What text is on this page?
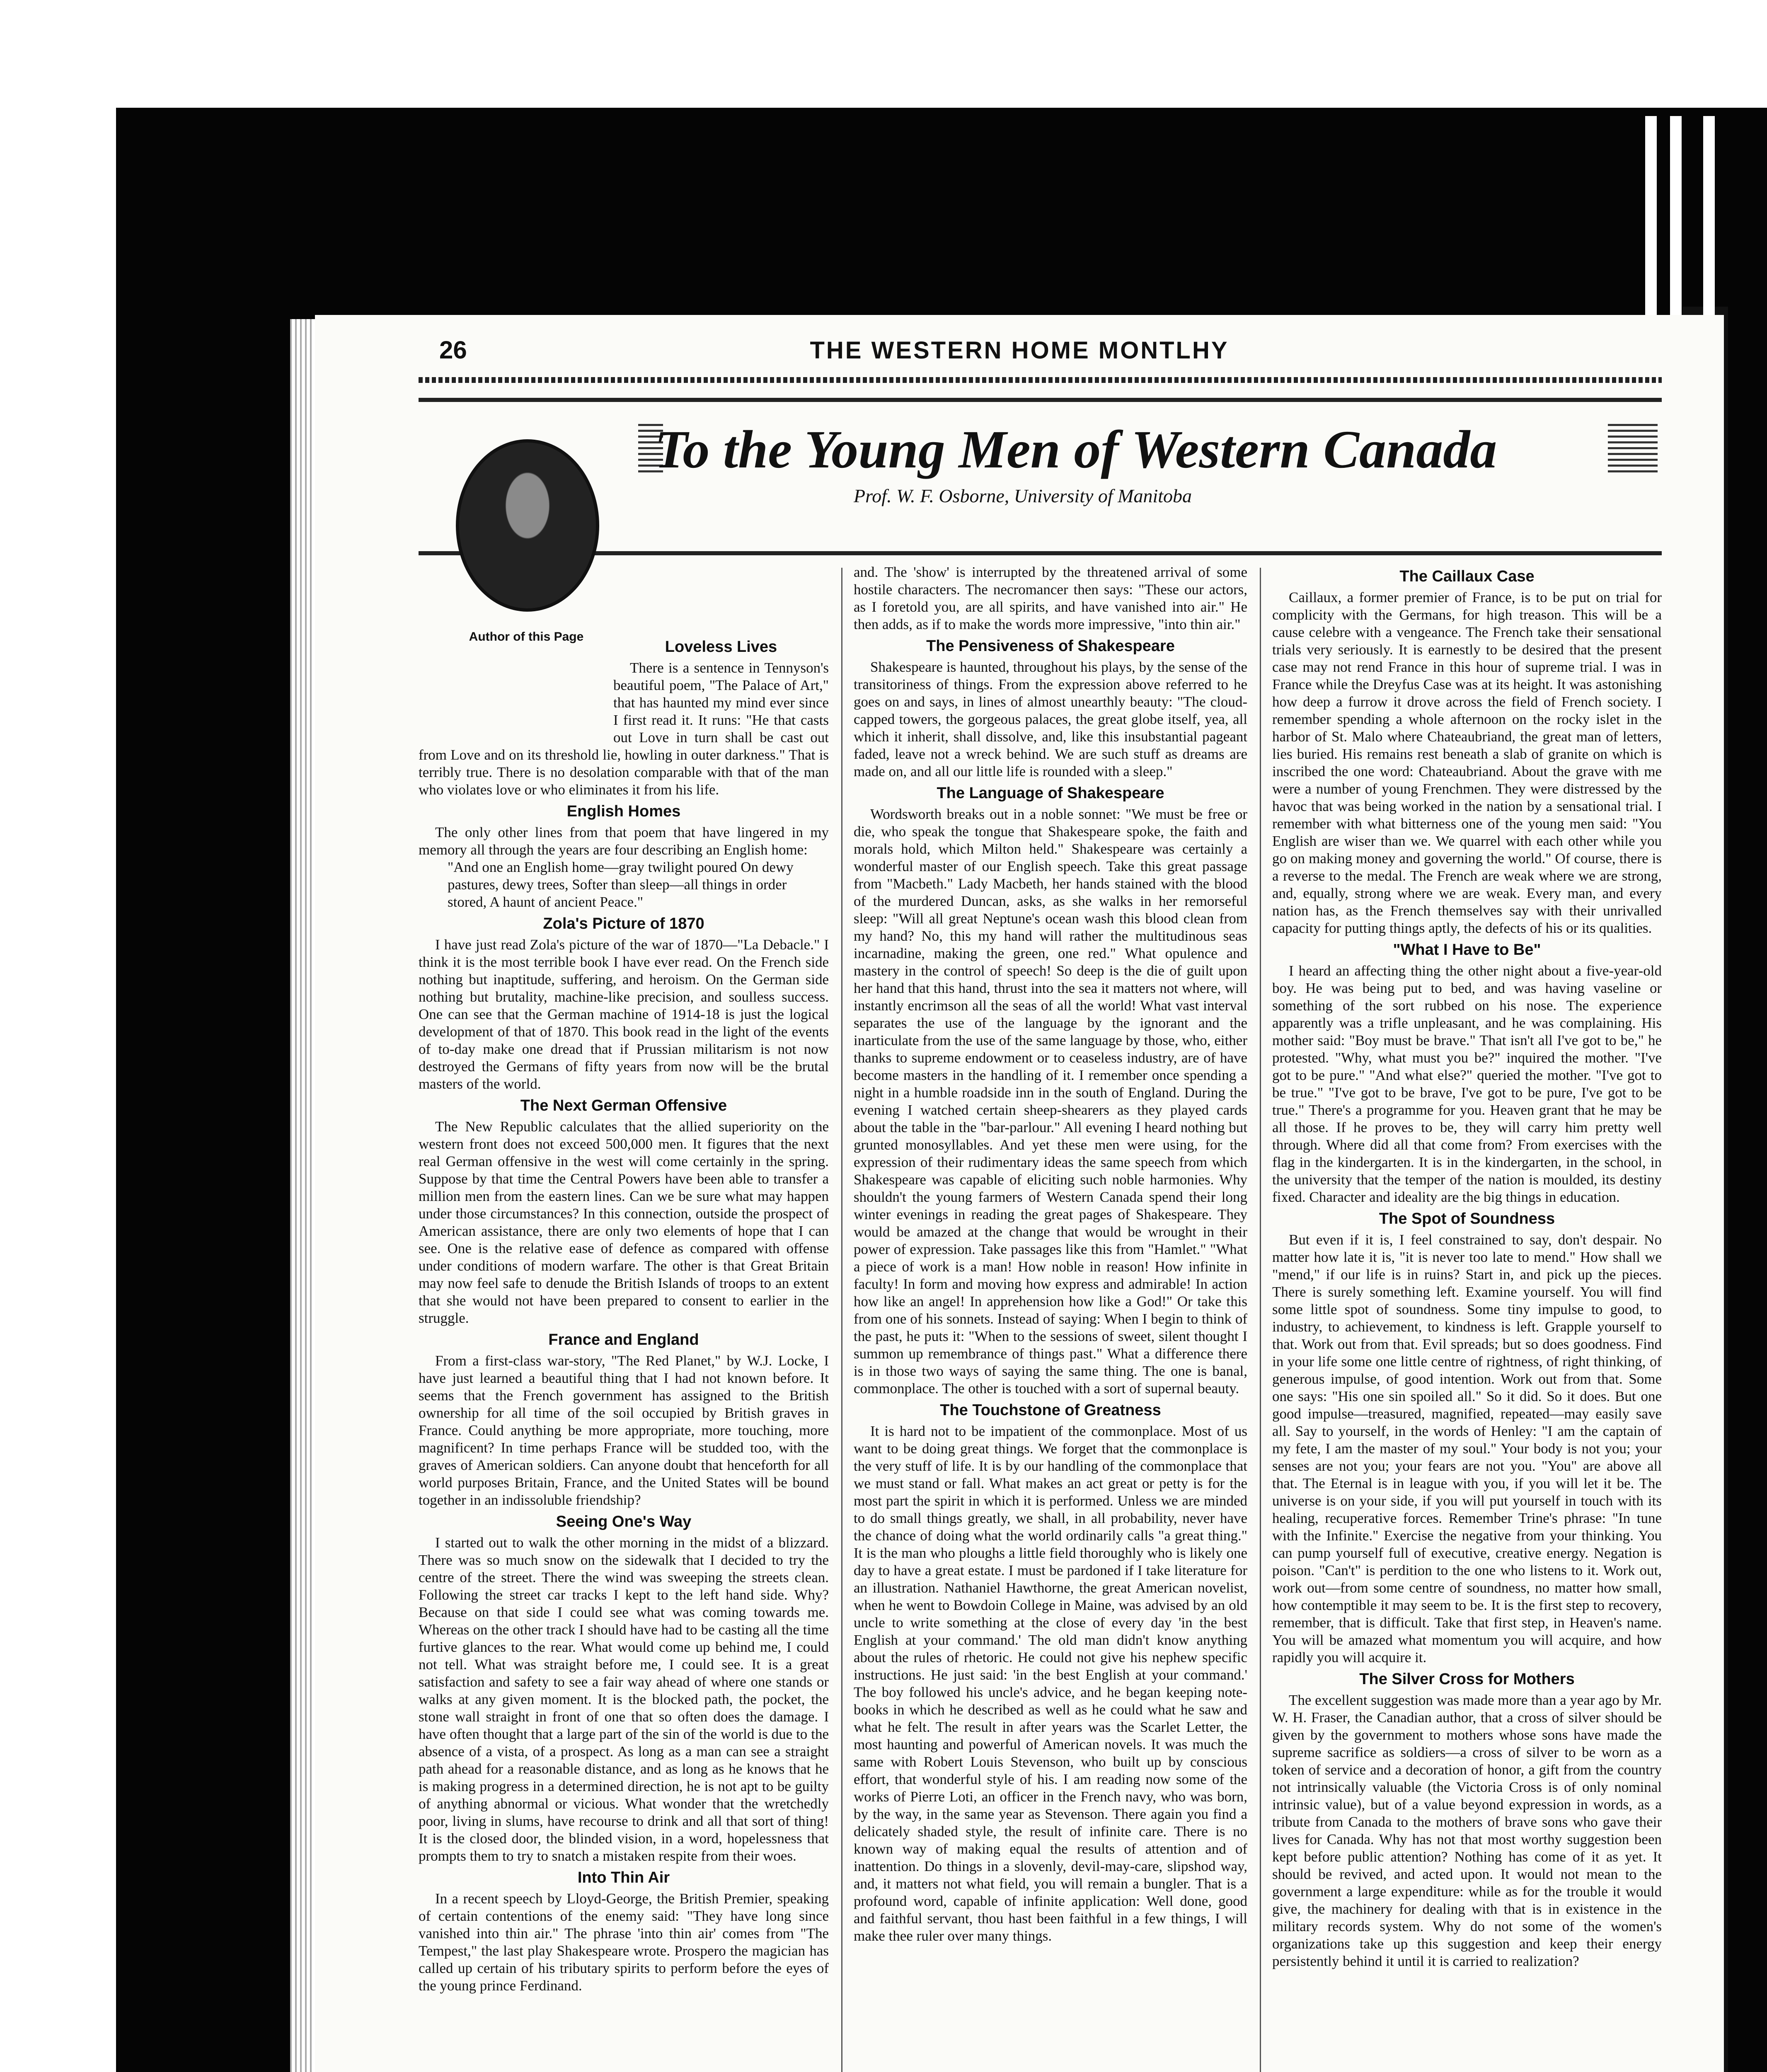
26	THE WESTERN HOME MONTLHY
To the Young Men of Western Canada
Prof. W. F. Osborne, University of Manitoba
Author of this Page
Loveless Lives

There is a sentence in Tennyson's beautiful poem, "The Palace of Art," that has haunted my mind ever since I first read it. It runs: "He that casts out Love in turn shall be cast out from Love and on its threshold lie, howling in outer darkness." That is terribly true. There is no desolation comparable with that of the man who violates love or who eliminates it from his life.

English Homes

The only other lines from that poem that have lingered in my memory all through the years are four describing an English home:

"And one an English home—gray twilight poured On dewy pastures, dewy trees, Softer than sleep—all things in order stored, A haunt of ancient Peace."

Zola's Picture of 1870

I have just read Zola's picture of the war of 1870—"La Debacle." I think it is the most terrible book I have ever read. On the French side nothing but inaptitude, suffering, and heroism. On the German side nothing but brutality, machine-like precision, and soulless success. One can see that the German machine of 1914-18 is just the logical development of that of 1870. This book read in the light of the events of to-day make one dread that if Prussian militarism is not now destroyed the Germans of fifty years from now will be the brutal masters of the world.

The Next German Offensive

The New Republic calculates that the allied superiority on the western front does not exceed 500,000 men. It figures that the next real German offensive in the west will come certainly in the spring. Suppose by that time the Central Powers have been able to transfer a million men from the eastern lines. Can we be sure what may happen under those circumstances? In this connection, outside the prospect of American assistance, there are only two elements of hope that I can see. One is the relative ease of defence as compared with offense under conditions of modern warfare. The other is that Great Britain may now feel safe to denude the British Islands of troops to an extent that she would not have been prepared to consent to earlier in the struggle.

France and England

From a first-class war-story, "The Red Planet," by W.J. Locke, I have just learned a beautiful thing that I had not known before. It seems that the French government has assigned to the British ownership for all time of the soil occupied by British graves in France. Could anything be more appropriate, more touching, more magnificent? In time perhaps France will be studded too, with the graves of American soldiers. Can anyone doubt that henceforth for all world purposes Britain, France, and the United States will be bound together in an indissoluble friendship?

Seeing One's Way

I started out to walk the other morning in the midst of a blizzard. There was so much snow on the sidewalk that I decided to try the centre of the street. There the wind was sweeping the streets clean. Following the street car tracks I kept to the left hand side. Why? Because on that side I could see what was coming towards me. Whereas on the other track I should have had to be casting all the time furtive glances to the rear. What would come up behind me, I could not tell. What was straight before me, I could see. It is a great satisfaction and safety to see a fair way ahead of where one stands or walks at any given moment. It is the blocked path, the pocket, the stone wall straight in front of one that so often does the damage. I have often thought that a large part of the sin of the world is due to the absence of a vista, of a prospect. As long as a man can see a straight path ahead for a reasonable distance, and as long as he knows that he is making progress in a determined direction, he is not apt to be guilty of anything abnormal or vicious. What wonder that the wretchedly poor, living in slums, have recourse to drink and all that sort of thing! It is the closed door, the blinded vision, in a word, hopelessness that prompts them to try to snatch a mistaken respite from their woes.

Into Thin Air

In a recent speech by Lloyd-George, the British Premier, speaking of certain contentions of the enemy said: "They have long since vanished into thin air." The phrase 'into thin air' comes from "The Tempest," the last play Shakespeare wrote. Prospero the magician has called up certain of his tributary spirits to perform before the eyes of the young prince Ferdinand.

and. The 'show' is interrupted by the threatened arrival of some hostile characters. The necromancer then says: "These our actors, as I foretold you, are all spirits, and have vanished into air." He then adds, as if to make the words more impressive, "into thin air."

The Pensiveness of Shakespeare

Shakespeare is haunted, throughout his plays, by the sense of the transitoriness of things. From the expression above referred to he goes on and says, in lines of almost unearthly beauty: "The cloud-capped towers, the gorgeous palaces, the great globe itself, yea, all which it inherit, shall dissolve, and, like this insubstantial pageant faded, leave not a wreck behind. We are such stuff as dreams are made on, and all our little life is rounded with a sleep."

The Language of Shakespeare

Wordsworth breaks out in a noble sonnet: "We must be free or die, who speak the tongue that Shakespeare spoke, the faith and morals hold, which Milton held." Shakespeare was certainly a wonderful master of our English speech. Take this great passage from "Macbeth." Lady Macbeth, her hands stained with the blood of the murdered Duncan, asks, as she walks in her remorseful sleep: "Will all great Neptune's ocean wash this blood clean from my hand? No, this my hand will rather the multitudinous seas incarnadine, making the green, one red." What opulence and mastery in the control of speech! So deep is the die of guilt upon her hand that this hand, thrust into the sea it matters not where, will instantly encrimson all the seas of all the world! What vast interval separates the use of the language by the ignorant and the inarticulate from the use of the same language by those, who, either thanks to supreme endowment or to ceaseless industry, are of have become masters in the handling of it. I remember once spending a night in a humble roadside inn in the south of England. During the evening I watched certain sheep-shearers as they played cards about the table in the "bar-parlour." All evening I heard nothing but grunted monosyllables. And yet these men were using, for the expression of their rudimentary ideas the same speech from which Shakespeare was capable of eliciting such noble harmonies. Why shouldn't the young farmers of Western Canada spend their long winter evenings in reading the great pages of Shakespeare. They would be amazed at the change that would be wrought in their power of expression. Take passages like this from "Hamlet." "What a piece of work is a man! How noble in reason! How infinite in faculty! In form and moving how express and admirable! In action how like an angel! In apprehension how like a God!" Or take this from one of his sonnets. Instead of saying: When I begin to think of the past, he puts it: "When to the sessions of sweet, silent thought I summon up remembrance of things past." What a difference there is in those two ways of saying the same thing. The one is banal, commonplace. The other is touched with a sort of supernal beauty.

The Touchstone of Greatness

It is hard not to be impatient of the commonplace. Most of us want to be doing great things. We forget that the commonplace is the very stuff of life. It is by our handling of the commonplace that we must stand or fall. What makes an act great or petty is for the most part the spirit in which it is performed. Unless we are minded to do small things greatly, we shall, in all probability, never have the chance of doing what the world ordinarily calls "a great thing." It is the man who ploughs a little field thoroughly who is likely one day to have a great estate. I must be pardoned if I take literature for an illustration. Nathaniel Hawthorne, the great American novelist, when he went to Bowdoin College in Maine, was advised by an old uncle to write something at the close of every day 'in the best English at your command.' The old man didn't know anything about the rules of rhetoric. He could not give his nephew specific instructions. He just said: 'in the best English at your command.' The boy followed his uncle's advice, and he began keeping note-books in which he described as well as he could what he saw and what he felt. The result in after years was the Scarlet Letter, the most haunting and powerful of American novels. It was much the same with Robert Louis Stevenson, who built up by conscious effort, that wonderful style of his. I am reading now some of the works of Pierre Loti, an officer in the French navy, who was born, by the way, in the same year as Stevenson. There again you find a delicately shaded style, the result of infinite care. There is no known way of making equal the results of attention and of inattention. Do things in a slovenly, devil-may-care, slipshod way, and, it matters not what field, you will remain a bungler. That is a profound word, capable of infinite application: Well done, good and faithful servant, thou hast been faithful in a few things, I will make thee ruler over many things.

The Caillaux Case

Caillaux, a former premier of France, is to be put on trial for complicity with the Germans, for high treason. This will be a cause celebre with a vengeance. The French take their sensational trials very seriously. It is earnestly to be desired that the present case may not rend France in this hour of supreme trial. I was in France while the Dreyfus Case was at its height. It was astonishing how deep a furrow it drove across the field of French society. I remember spending a whole afternoon on the rocky islet in the harbor of St. Malo where Chateaubriand, the great man of letters, lies buried. His remains rest beneath a slab of granite on which is inscribed the one word: Chateaubriand. About the grave with me were a number of young Frenchmen. They were distressed by the havoc that was being worked in the nation by a sensational trial. I remember with what bitterness one of the young men said: "You English are wiser than we. We quarrel with each other while you go on making money and governing the world." Of course, there is a reverse to the medal. The French are weak where we are strong, and, equally, strong where we are weak. Every man, and every nation has, as the French themselves say with their unrivalled capacity for putting things aptly, the defects of his or its qualities.

"What I Have to Be"

I heard an affecting thing the other night about a five-year-old boy. He was being put to bed, and was having vaseline or something of the sort rubbed on his nose. The experience apparently was a trifle unpleasant, and he was complaining. His mother said: "Boy must be brave." That isn't all I've got to be," he protested. "Why, what must you be?" inquired the mother. "I've got to be pure." "And what else?" queried the mother. "I've got to be true." "I've got to be brave, I've got to be pure, I've got to be true." There's a programme for you. Heaven grant that he may be all those. If he proves to be, they will carry him pretty well through. Where did all that come from? From exercises with the flag in the kindergarten. It is in the kindergarten, in the school, in the university that the temper of the nation is moulded, its destiny fixed. Character and ideality are the big things in education.

The Spot of Soundness

But even if it is, I feel constrained to say, don't despair. No matter how late it is, "it is never too late to mend." How shall we "mend," if our life is in ruins? Start in, and pick up the pieces. There is surely something left. Examine yourself. You will find some little spot of soundness. Some tiny impulse to good, to industry, to achievement, to kindness is left. Grapple yourself to that. Work out from that. Evil spreads; but so does goodness. Find in your life some one little centre of rightness, of right thinking, of generous impulse, of good intention. Work out from that. Some one says: "His one sin spoiled all." So it did. So it does. But one good impulse—treasured, magnified, repeated—may easily save all. Say to yourself, in the words of Henley: "I am the captain of my fete, I am the master of my soul." Your body is not you; your senses are not you; your fears are not you. "You" are above all that. The Eternal is in league with you, if you will let it be. The universe is on your side, if you will put yourself in touch with its healing, recuperative forces. Remember Trine's phrase: "In tune with the Infinite." Exercise the negative from your thinking. You can pump yourself full of executive, creative energy. Negation is poison. "Can't" is perdition to the one who listens to it. Work out, work out—from some centre of soundness, no matter how small, how contemptible it may seem to be. It is the first step to recovery, remember, that is difficult. Take that first step, in Heaven's name. You will be amazed what momentum you will acquire, and how rapidly you will acquire it.

The Silver Cross for Mothers

The excellent suggestion was made more than a year ago by Mr. W. H. Fraser, the Canadian author, that a cross of silver should be given by the government to mothers whose sons have made the supreme sacrifice as soldiers—a cross of silver to be worn as a token of service and a decoration of honor, a gift from the country not intrinsically valuable (the Victoria Cross is of only nominal intrinsic value), but of a value beyond expression in words, as a tribute from Canada to the mothers of brave sons who gave their lives for Canada. Why has not that most worthy suggestion been kept before public attention? Nothing has come of it as yet. It should be revived, and acted upon. It would not mean to the government a large expenditure: while as for the trouble it would give, the machinery for dealing with that is in existence in the military records system. Why do not some of the women's organizations take up this suggestion and keep their energy persistently behind it until it is carried to realization?
